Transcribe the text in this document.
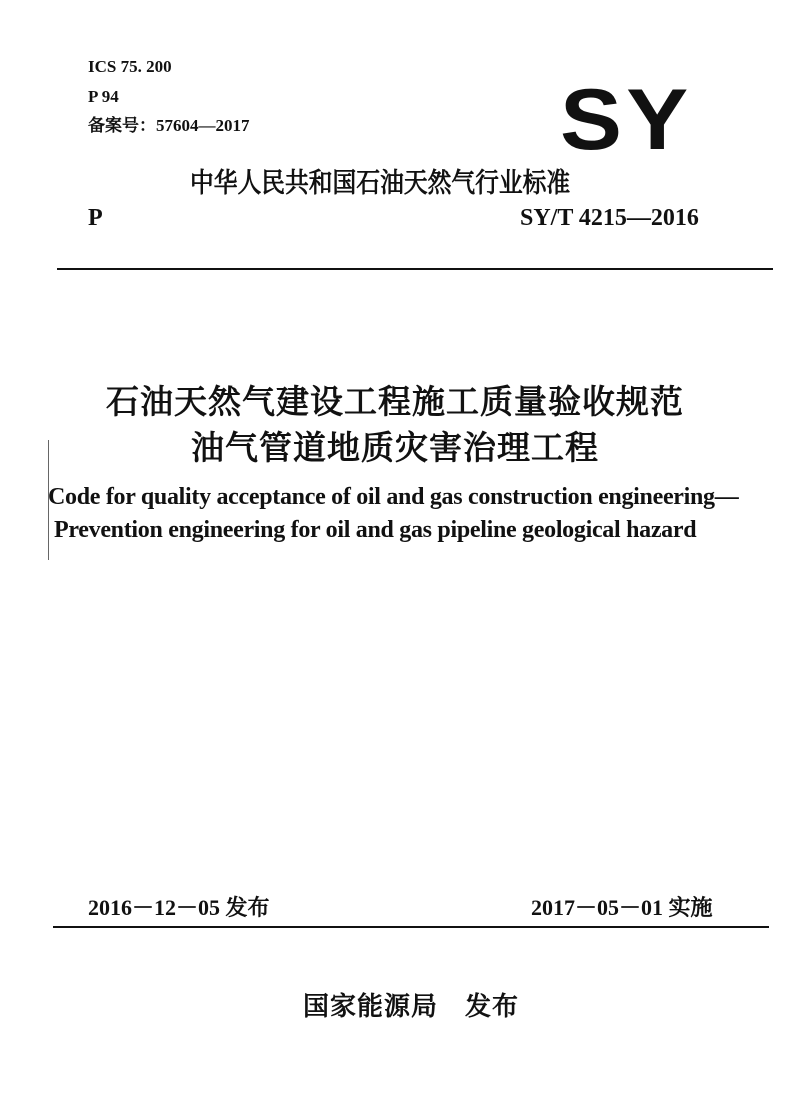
ICS 75. 200
P 94
备案号：57604—2017	SY
中华人民共和国石油天然气行业标准
P	SY/T 4215—2016
石油天然气建设工程施工质量验收规范
油气管道地质灾害治理工程
Code for quality acceptance of oil and gas construction engineering—
Prevention engineering for oil and gas pipeline geological hazard
2016－12－05 发布	2017－05－01 实施
国家能源局　发布
